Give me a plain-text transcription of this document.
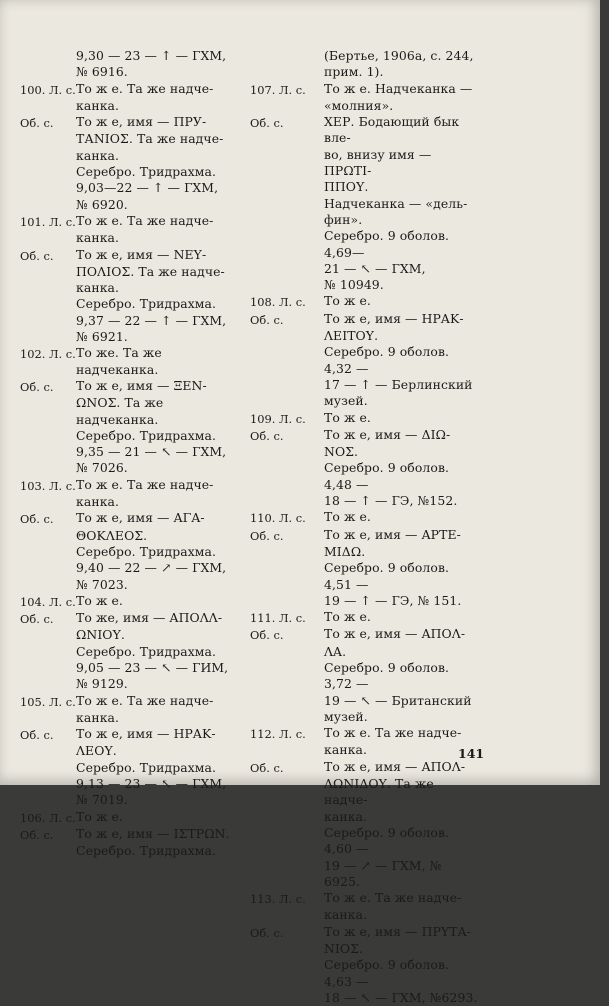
9,30 — 23 — ↑ — ГХМ,
№ 6916.
100. Л. с. То ж е. Та же надче-
канка.
Об. с.	То ж е, имя — ПРУ-
ТАΝΙΟΣ. Та же надче-
канка.
Серебро. Тридрахма.
9,03—22 — ↑ — ГХМ,
№ 6920.
101. Л. с. То ж е. Та же надче-
канка.
Об. с.	То ж е, имя — ΝΕΥ-
ΠΟΛΙΟΣ. Та же надче-
канка.
Серебро. Тридрахма.
9,37 — 22 — ↑ — ГХМ,
№ 6921.
102. Л. с. То же. Та же надчеканка.
Об. с.	То ж е, имя — ΞΕΝ-
ΩΝΟΣ. Та же надчеканка.
Серебро. Тридрахма.
9,35 — 21 — ↖ — ГХМ,
№ 7026.
103. Л. с. То ж е. Та же надче-
канка.
Об. с.	То ж е, имя — ΑΓΑ-
ΘΟΚΛΕΟΣ.
Серебро. Тридрахма.
9,40 — 22 — ↗ — ГХМ,
№ 7023.
104. Л. с. То ж е.
Об. с.	То же, имя — ΑΠΟΛΛ-
ΩΝΙΟΥ.
Серебро. Тридрахма.
9,05 — 23 — ↖ — ГИМ,
№ 9129.
105. Л. с. То ж е. Та же надче-
канка.
Об. с.	То ж е, имя — ΗΡΑΚ-
ΛΕΟΥ.
Серебро. Тридрахма.
9,13 — 23 — ↖ — ГХМ,
№ 7019.
106. Л. с. То ж е.
Об. с.	То ж е, имя — ΙΣΤΡΩΝ.
Серебро. Тридрахма.
(Бертье, 1906а, с. 244,
прим. 1).
107. Л. с.	То ж е. Надчеканка —
«молния».
Об. с.	ΧΕΡ. Бодающий бык вле-
во, внизу имя — ΠΡΩΤΙ-
ΠΠΟΥ.
Надчеканка — «дель-
фин».
Серебро. 9 оболов. 4,69—
21 — ↖ — ГХМ,
№ 10949.
108. Л. с.	То ж е.
Об. с.	То ж е, имя — ΗΡΑΚ-
ΛΕΙΤΟΥ.
Серебро. 9 оболов. 4,32 —
17 — ↑ — Берлинский
музей.
109. Л. с.	То ж е.
Об. с.	То ж е, имя — ΔΙΩ-
ΝΟΣ.
Серебро. 9 оболов. 4,48 —
18 — ↑ — ГЭ, №152.
110. Л. с.	То ж е.
Об. с.	То ж е, имя — ΑΡΤΕ-
ΜΙΔΩ.
Серебро. 9 оболов. 4,51 —
19 — ↑ — ГЭ, № 151.
111. Л. с.	То ж е.
Об. с.	То ж е, имя — ΑΠΟΛ-
ΛΑ.
Серебро. 9 оболов. 3,72 —
19 — ↖ — Британский
музей.
112. Л. с.	То ж е. Та же надче-
канка.
Об. с.	То ж е, имя — ΑΠΟΛ-
ΛΩΝΙΔΟΥ. Та же надче-
канка.
Серебро. 9 оболов. 4,60 —
19 — ↗ — ГХМ, № 6925.
113. Л. с.	То ж е. Та же надче-
канка.
Об. с.	То ж е, имя — ΠΡΥΤΑ-
ΝΙΟΣ.
Серебро. 9 оболов. 4,63 —
18 — ↖ — ГХМ, №6293.
141
